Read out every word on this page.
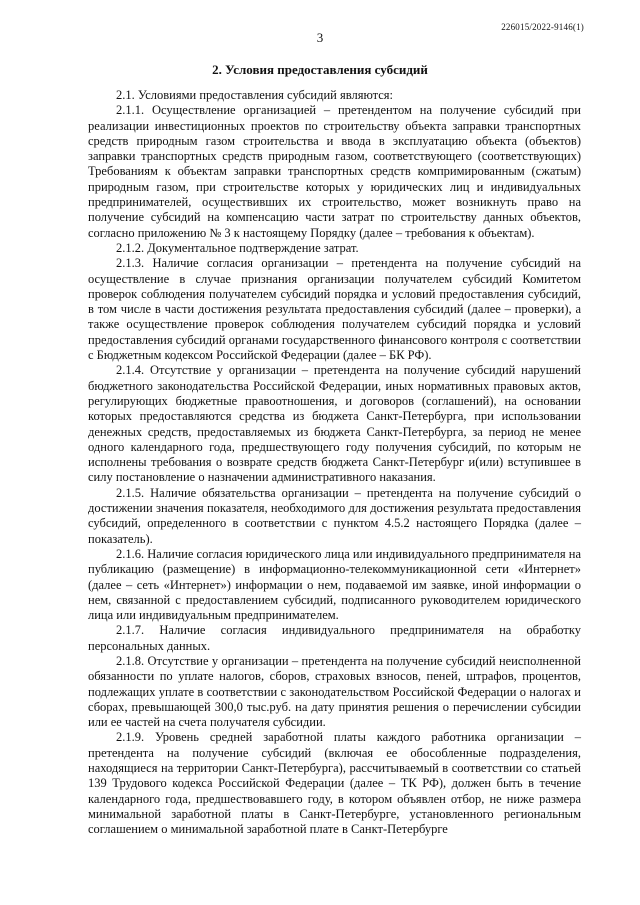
226015/2022-9146(1)
3
2. Условия предоставления субсидий

2.1. Условиями предоставления субсидий являются:

2.1.1. Осуществление организацией – претендентом на получение субсидий при реализации инвестиционных проектов по строительству объекта заправки транспортных средств природным газом строительства и ввода в эксплуатацию объекта (объектов) заправки транспортных средств природным газом, соответствующего (соответствующих) Требованиям к объектам заправки транспортных средств компримированным (сжатым) природным газом, при строительстве которых у юридических лиц и индивидуальных предпринимателей, осуществивших их строительство, может возникнуть право на получение субсидий на компенсацию части затрат по строительству данных объектов, согласно приложению № 3 к настоящему Порядку (далее – требования к объектам).

2.1.2. Документальное подтверждение затрат.

2.1.3. Наличие согласия организации – претендента на получение субсидий на осуществление в случае признания организации получателем субсидий Комитетом проверок соблюдения получателем субсидий порядка и условий предоставления субсидий, в том числе в части достижения результата предоставления субсидий (далее – проверки), а также осуществление проверок соблюдения получателем субсидий порядка и условий предоставления субсидий органами государственного финансового контроля с соответствии с Бюджетным кодексом Российской Федерации (далее – БК РФ).

2.1.4. Отсутствие у организации – претендента на получение субсидий нарушений бюджетного законодательства Российской Федерации, иных нормативных правовых актов, регулирующих бюджетные правоотношения, и договоров (соглашений), на основании которых предоставляются средства из бюджета Санкт-Петербурга, при использовании денежных средств, предоставляемых из бюджета Санкт-Петербурга, за период не менее одного календарного года, предшествующего году получения субсидий, по которым не исполнены требования о возврате средств бюджета Санкт-Петербург и(или) вступившее в силу постановление о назначении административного наказания.

2.1.5. Наличие обязательства организации – претендента на получение субсидий о достижении значения показателя, необходимого для достижения результата предоставления субсидий, определенного в соответствии с пунктом 4.5.2 настоящего Порядка (далее – показатель).

2.1.6. Наличие согласия юридического лица или индивидуального предпринимателя на публикацию (размещение) в информационно-телекоммуникационной сети «Интернет» (далее – сеть «Интернет») информации о нем, подаваемой им заявке, иной информации о нем, связанной с предоставлением субсидий, подписанного руководителем юридического лица или индивидуальным предпринимателем.

2.1.7. Наличие согласия индивидуального предпринимателя на обработку персональных данных.

2.1.8. Отсутствие у организации – претендента на получение субсидий неисполненной обязанности по уплате налогов, сборов, страховых взносов, пеней, штрафов, процентов, подлежащих уплате в соответствии с законодательством Российской Федерации о налогах и сборах, превышающей 300,0 тыс.руб. на дату принятия решения о перечислении субсидии или ее частей на счета получателя субсидии.

2.1.9. Уровень средней заработной платы каждого работника организации – претендента на получение субсидий (включая ее обособленные подразделения, находящиеся на территории Санкт-Петербурга), рассчитываемый в соответствии со статьей 139 Трудового кодекса Российской Федерации (далее – ТК РФ), должен быть в течение календарного года, предшествовавшего году, в котором объявлен отбор, не ниже размера минимальной заработной платы в Санкт-Петербурге, установленного региональным соглашением о минимальной заработной плате в Санкт-Петербурге
